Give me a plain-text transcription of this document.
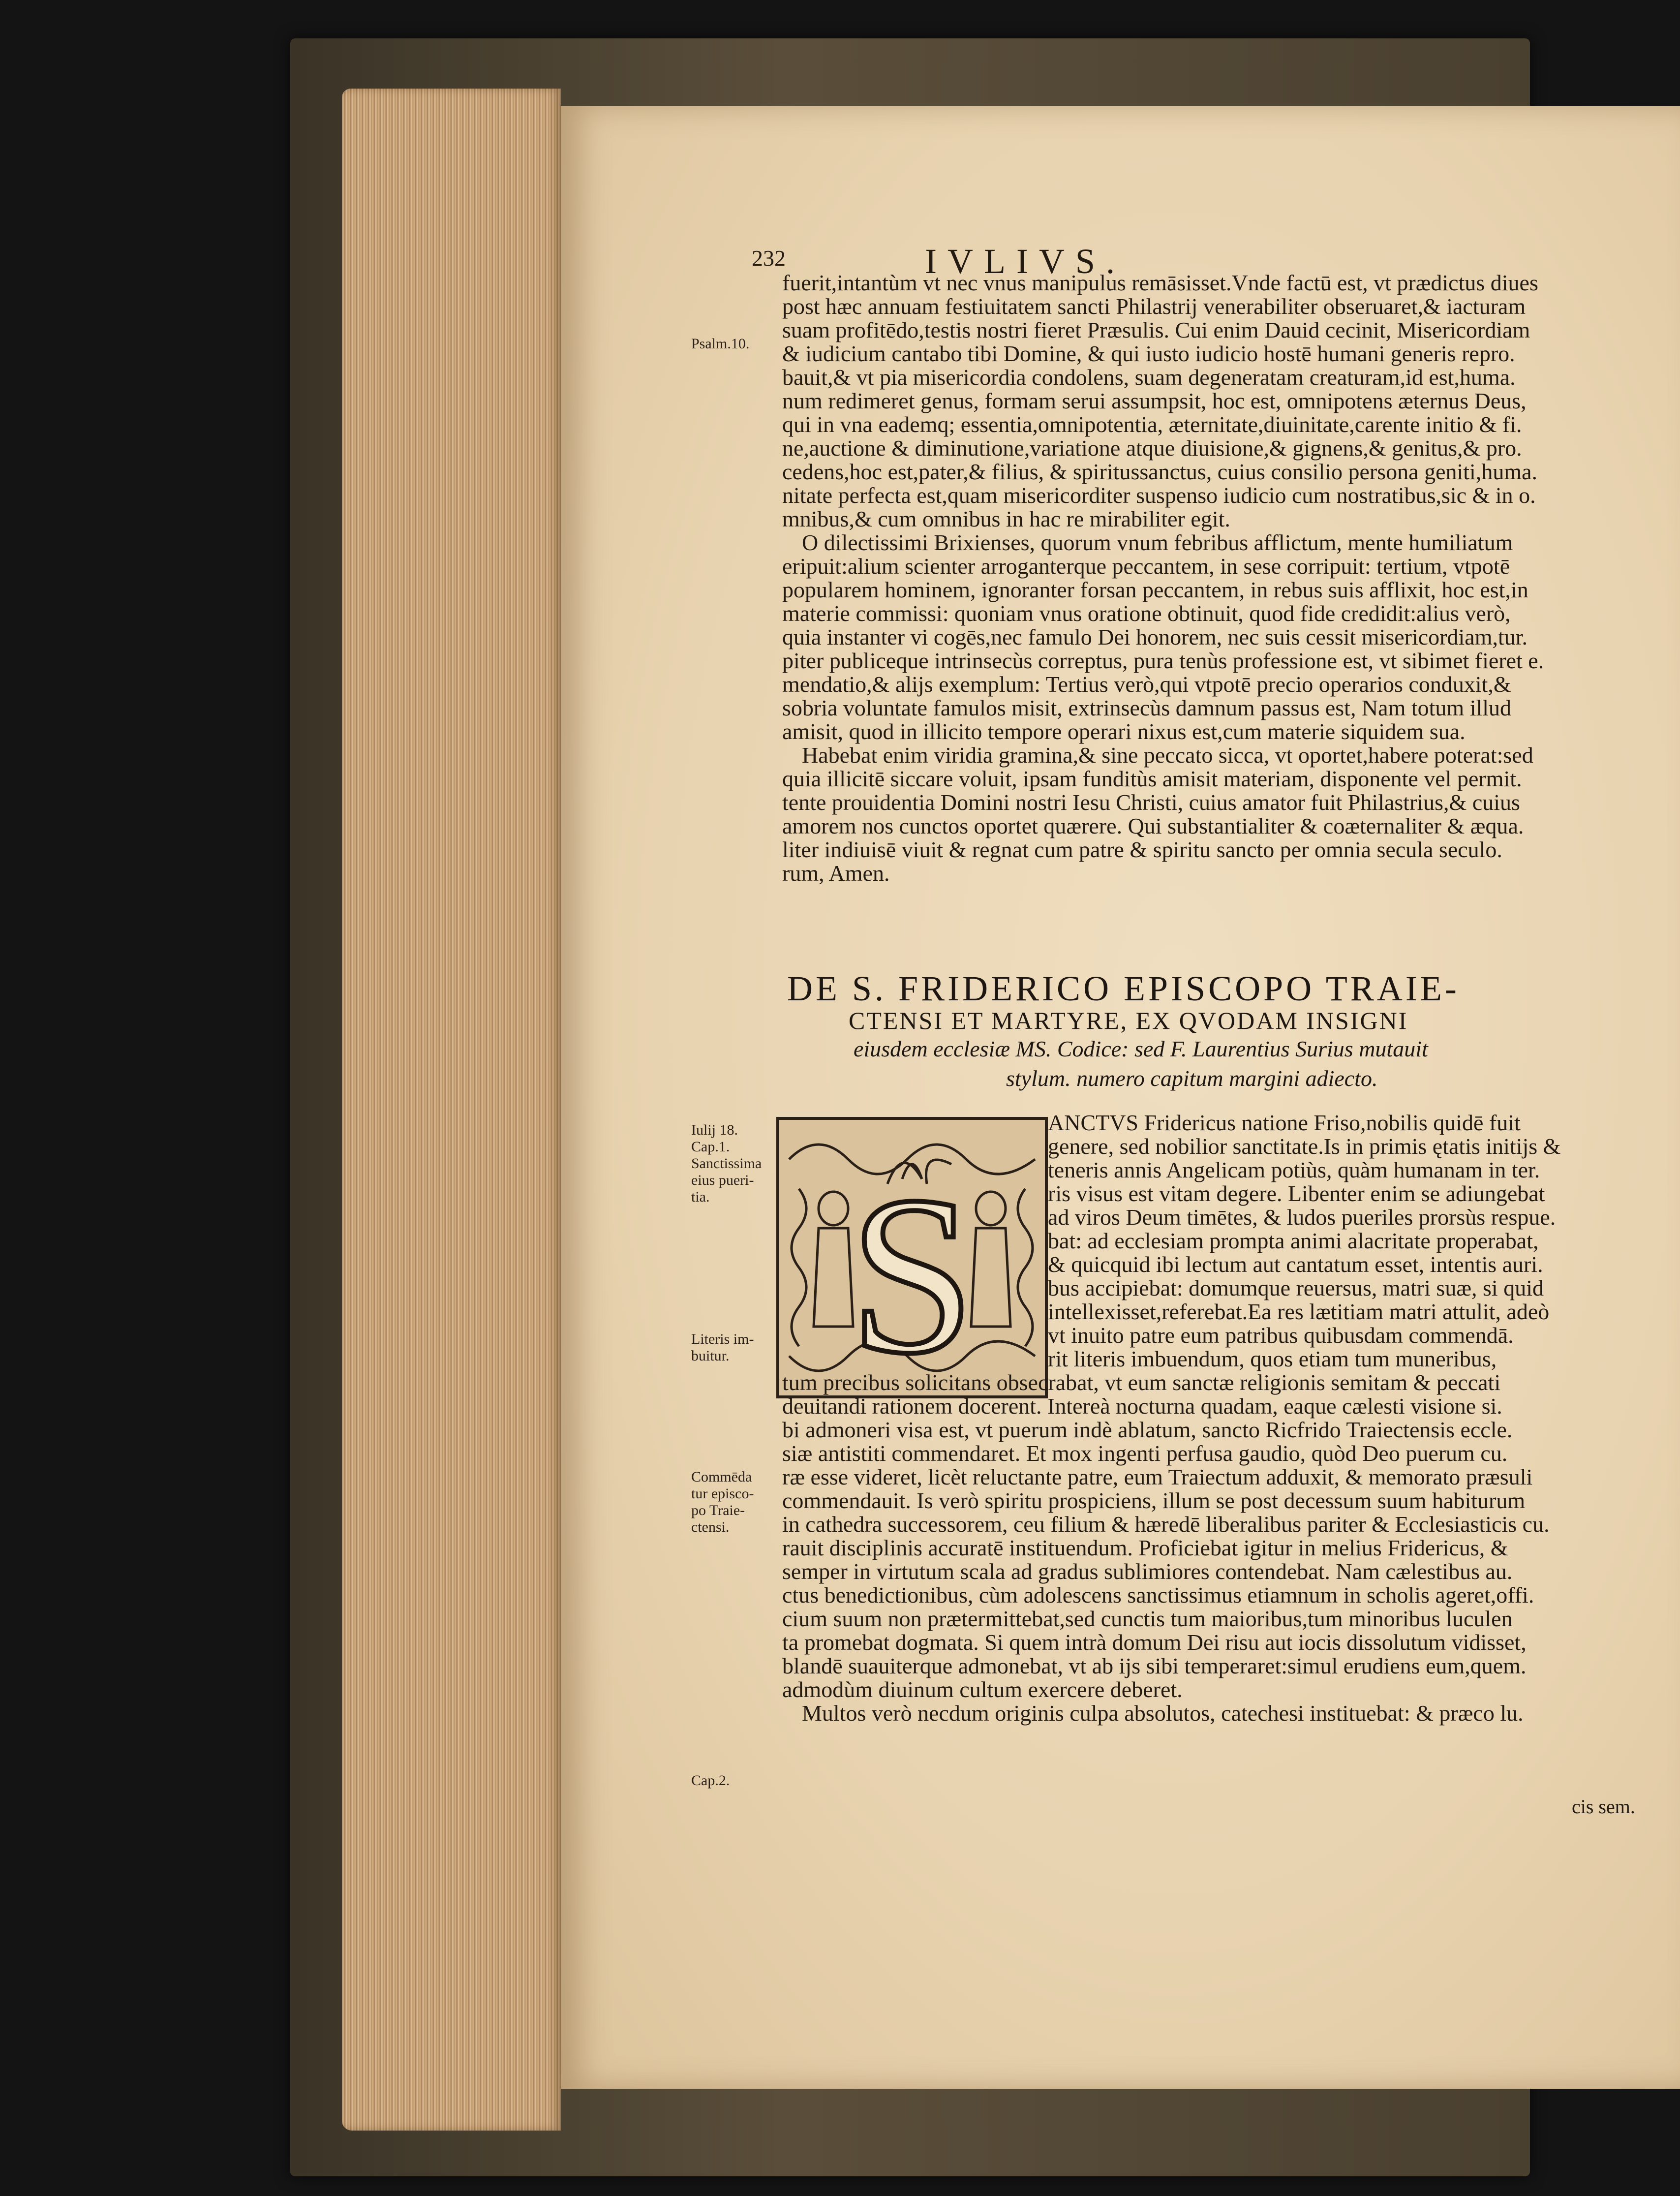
232	IVLIVS.
fuerit,intantùm vt nec vnus manipulus remāsisset.Vnde factū est, vt prædictus diues
post hæc annuam festiuitatem sancti Philastrij venerabiliter obseruaret,& iacturam
suam profitēdo,testis nostri fieret Præsulis. Cui enim Dauid cecinit, Misericordiam
& iudicium cantabo tibi Domine, & qui iusto iudicio hostē humani generis repro.
bauit,& vt pia misericordia condolens, suam degeneratam creaturam,id est,huma.
num redimeret genus, formam serui assumpsit, hoc est, omnipotens æternus Deus,
qui in vna eademq; essentia,omnipotentia, æternitate,diuinitate,carente initio & fi.
ne,auctione & diminutione,variatione atque diuisione,& gignens,& genitus,& pro.
cedens,hoc est,pater,& filius, & spiritussanctus, cuius consilio persona geniti,huma.
nitate perfecta est,quam misericorditer suspenso iudicio cum nostratibus,sic & in o.
mnibus,& cum omnibus in hac re mirabiliter egit.
O dilectissimi Brixienses, quorum vnum febribus afflictum, mente humiliatum
eripuit:alium scienter arroganterque peccantem, in sese corripuit: tertium, vtpotē
popularem hominem, ignoranter forsan peccantem, in rebus suis afflixit, hoc est,in
materie commissi: quoniam vnus oratione obtinuit, quod fide credidit:alius verò,
quia instanter vi cogēs,nec famulo Dei honorem, nec suis cessit misericordiam,tur.
piter publiceque intrinsecùs correptus, pura tenùs professione est, vt sibimet fieret e.
mendatio,& alijs exemplum: Tertius verò,qui vtpotē precio operarios conduxit,&
sobria voluntate famulos misit, extrinsecùs damnum passus est, Nam totum illud
amisit, quod in illicito tempore operari nixus est,cum materie siquidem sua.
Habebat enim viridia gramina,& sine peccato sicca, vt oportet,habere poterat:sed
quia illicitē siccare voluit, ipsam funditùs amisit materiam, disponente vel permit.
tente prouidentia Domini nostri Iesu Christi, cuius amator fuit Philastrius,& cuius
amorem nos cunctos oportet quærere. Qui substantialiter & coæternaliter & æqua.
liter indiuisē viuit & regnat cum patre & spiritu sancto per omnia secula seculo.
rum, Amen.
DE S. FRIDERICO EPISCOPO TRAIE-
CTENSI ET MARTYRE, EX QVODAM INSIGNI
eiusdem ecclesiæ MS. Codice: sed F. Laurentius Surius mutauit
stylum. numero capitum margini adiecto.
S
ANCTVS Fridericus natione Friso,nobilis quidē fuit
genere, sed nobilior sanctitate.Is in primis ętatis initijs &
teneris annis Angelicam potiùs, quàm humanam in ter.
ris visus est vitam degere. Libenter enim se adiungebat
ad viros Deum timētes, & ludos pueriles prorsùs respue.
bat: ad ecclesiam prompta animi alacritate properabat,
& quicquid ibi lectum aut cantatum esset, intentis auri.
bus accipiebat: domumque reuersus, matri suæ, si quid
intellexisset,referebat.Ea res lætitiam matri attulit, adeò
vt inuito patre eum patribus quibusdam commendā.
rit literis imbuendum, quos etiam tum muneribus,
tum precibus solicitans obsecrabat, vt eum sanctæ religionis semitam & peccati
deuitandi rationem docerent. Intereà nocturna quadam, eaque cælesti visione si.
bi admoneri visa est, vt puerum indè ablatum, sancto Ricfrido Traiectensis eccle.
siæ antistiti commendaret. Et mox ingenti perfusa gaudio, quòd Deo puerum cu.
ræ esse videret, licèt reluctante patre, eum Traiectum adduxit, & memorato præsuli
commendauit. Is verò spiritu prospiciens, illum se post decessum suum habiturum
in cathedra successorem, ceu filium & hæredē liberalibus pariter & Ecclesiasticis cu.
rauit disciplinis accuratē instituendum. Proficiebat igitur in melius Fridericus, &
semper in virtutum scala ad gradus sublimiores contendebat. Nam cælestibus au.
ctus benedictionibus, cùm adolescens sanctissimus etiamnum in scholis ageret,offi.
cium suum non prætermittebat,sed cunctis tum maioribus,tum minoribus luculen
ta promebat dogmata. Si quem intrà domum Dei risu aut iocis dissolutum vidisset,
blandē suauiterque admonebat, vt ab ijs sibi temperaret:simul erudiens eum,quem.
admodùm diuinum cultum exercere deberet.
Multos verò necdum originis culpa absolutos, catechesi instituebat: & præco lu.
cis sem.
Psalm.10.
Iulij 18.
Cap.1.
Sanctissima
eius pueri-
tia.
Literis im-
buitur.
Commēda
tur episco-
po Traie-
ctensi.
Cap.2.
